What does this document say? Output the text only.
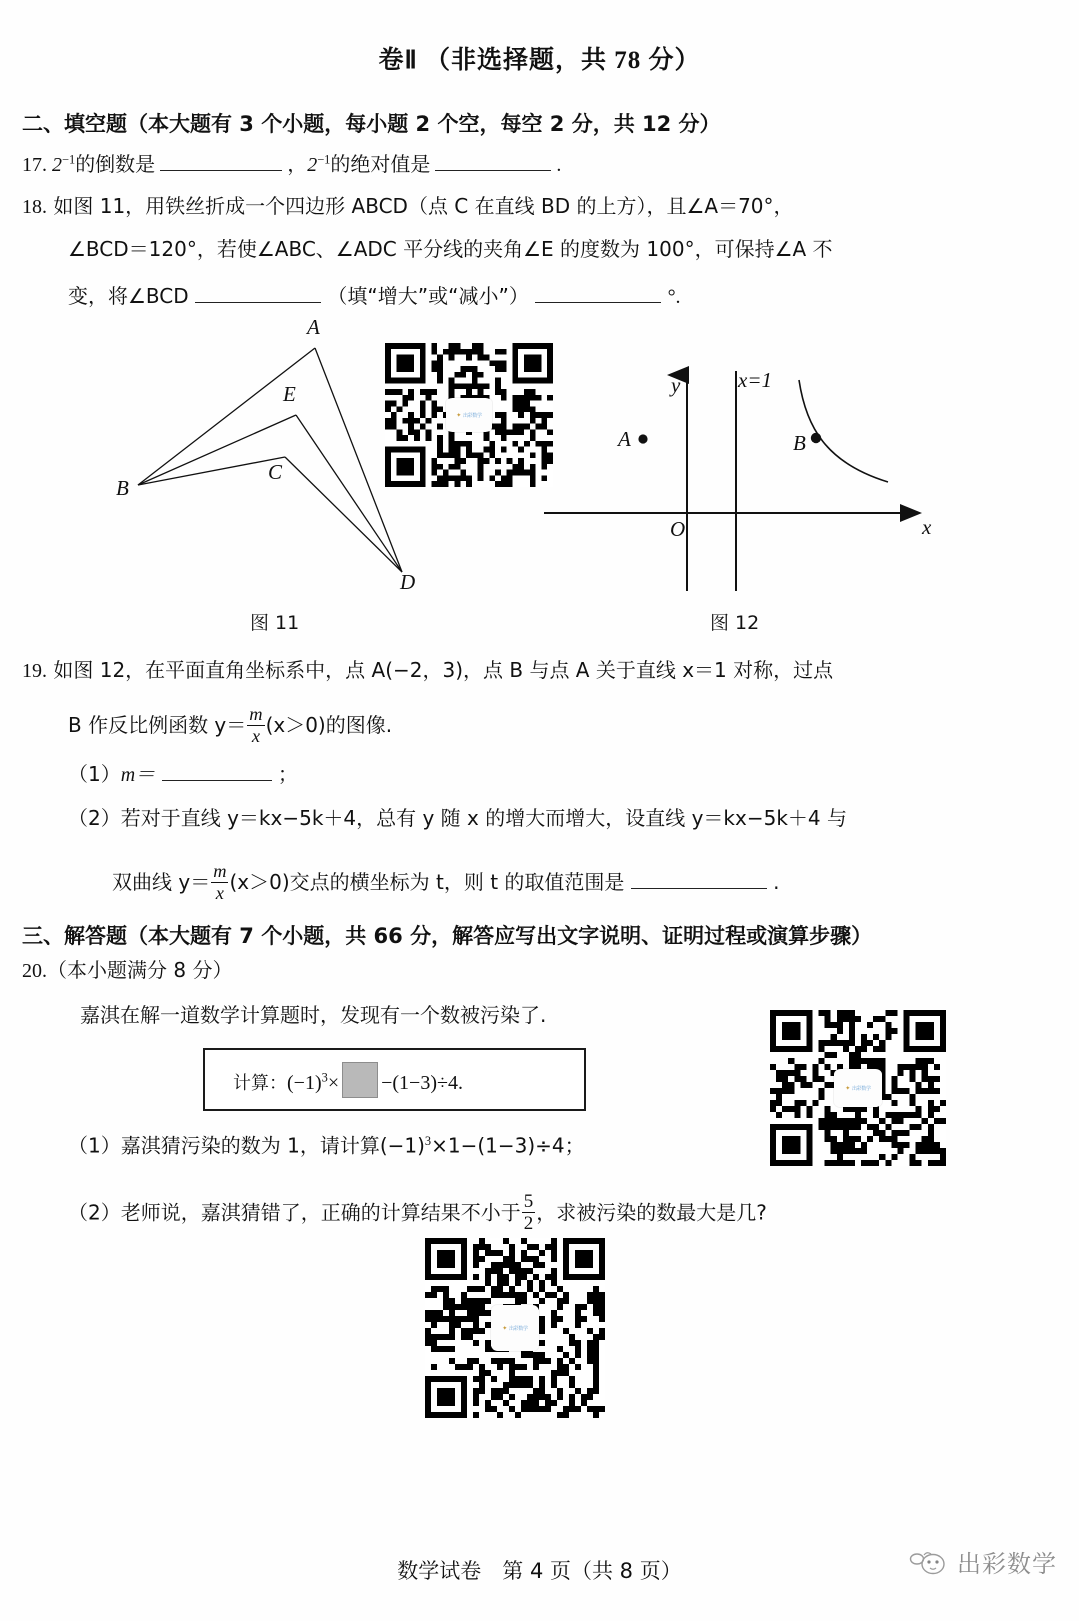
卷Ⅱ （非选择题，共 78 分）
二、填空题（本大题有 3 个小题，每小题 2 个空，每空 2 分，共 12 分）
17. $2^{-1}$的倒数是	，$2^{-1}$的绝对值是	.
18. 如图 11，用铁丝折成一个四边形 ABCD（点 C 在直线 BD 的上方），且∠A＝70°，
∠BCD＝120°，若使∠ABC、∠ADC 平分线的夹角∠E 的度数为 100°，可保持∠A 不
变，将∠BCD	（填“增大”或“减小”）	°.
A
E
C
B
D
图 11
✦ 出彩数学
y
x
O
x=1
A	B
图 12
19. 如图 12，在平面直角坐标系中，点 A(−2，3)，点 B 与点 A 关于直线 x＝1 对称，过点
B 作反比例函数 $y= \frac{m}{x} (x>0)$的图像.
（1）m＝	；
（2）若对于直线 y＝kx−5k＋4，总有 y 随 x 的增大而增大，设直线 y＝kx−5k＋4 与
双曲线 $y= \frac{m}{x} (x>0)$交点的横坐标为 t，则 t 的取值范围是	.
三、解答题（本大题有 7 个小题，共 66 分，解答应写出文字说明、证明过程或演算步骤）
20.（本小题满分 8 分）
嘉淇在解一道数学计算题时，发现有一个数被污染了.
计算：$(-1)^3\times -(1-3)\div 4$.
（1）嘉淇猜污染的数为 1，请计算$(-1)^3\times 1-(1-3)\div 4$；
（2）老师说，嘉淇猜错了，正确的计算结果不小于 $\frac{5}{2}$ ，求被污染的数最大是几?
✦ 出彩数学
✦ 出彩数学
数学试卷　第 4 页（共 8 页）	出彩数学
